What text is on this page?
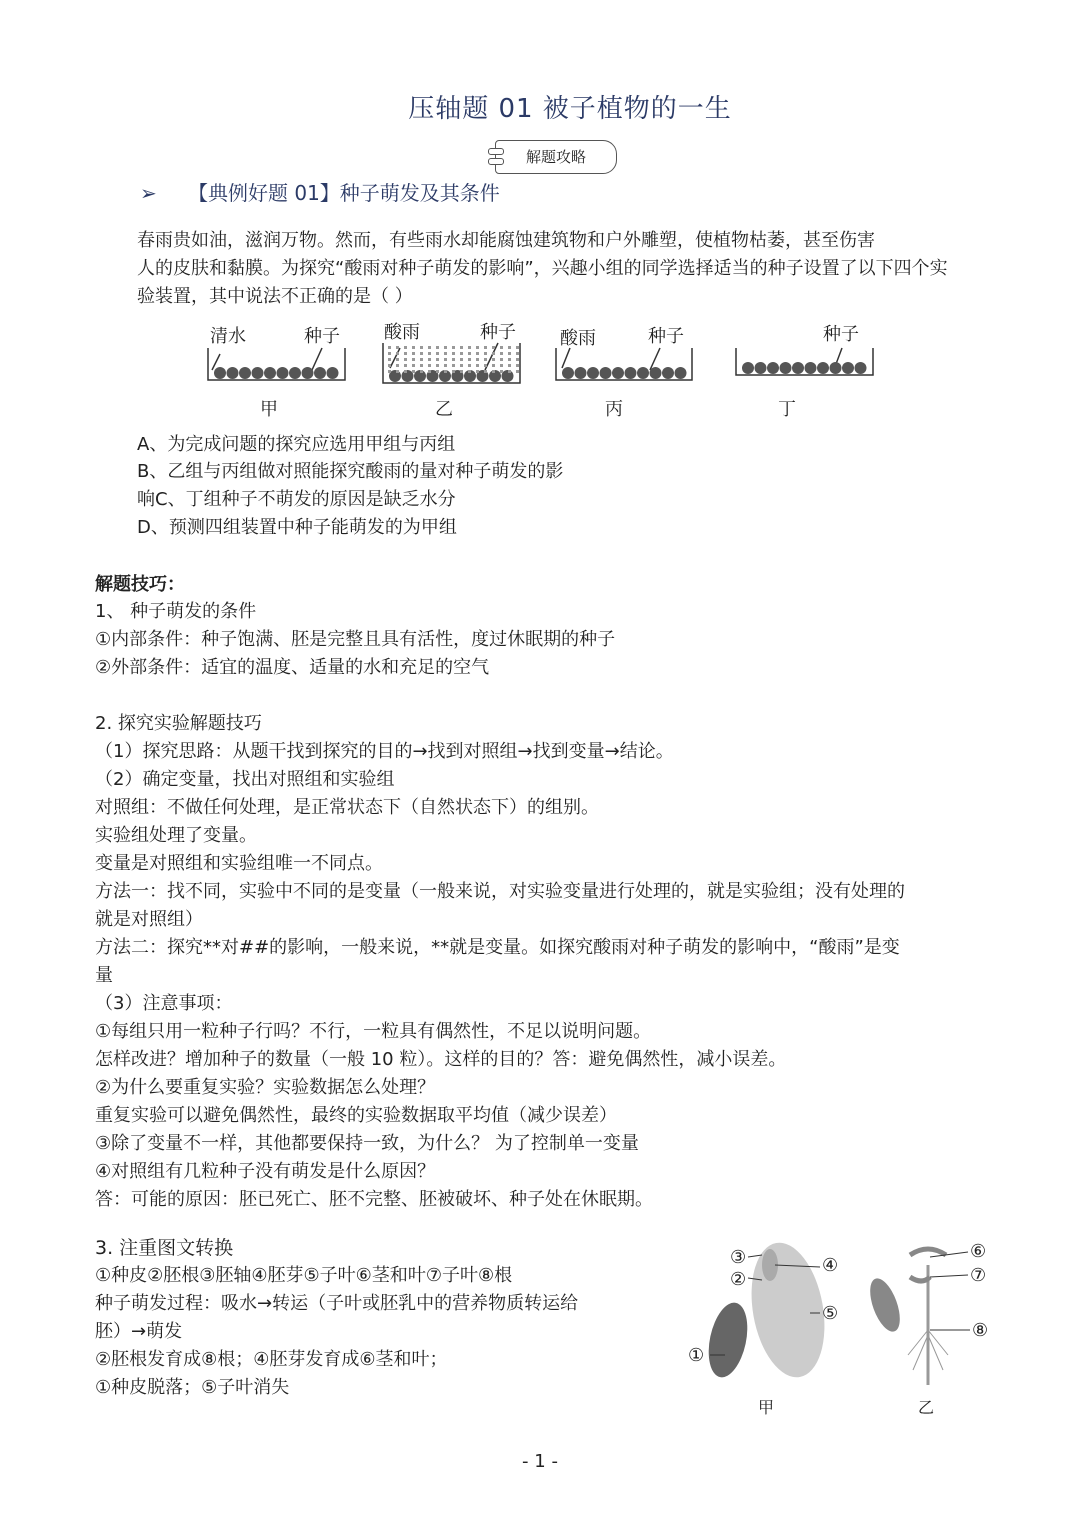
压轴题 01 被子植物的一生
解题攻略
➢ 【典例好题 01】种子萌发及其条件
春雨贵如油，滋润万物。然而，有些雨水却能腐蚀建筑物和户外雕塑，使植物枯萎，甚至伤害
人的皮肤和黏膜。为探究“酸雨对种子萌发的影响”，兴趣小组的同学选择适当的种子设置了以下四个实
验装置，其中说法不正确的是（ ）
清水	种子 酸雨	种子 酸雨	种子	种子
甲	乙	丙	丁
A、为完成问题的探究应选用甲组与丙组
B、乙组与丙组做对照能探究酸雨的量对种子萌发的影
响C、丁组种子不萌发的原因是缺乏水分
D、预测四组装置中种子能萌发的为甲组
解题技巧：
1、 种子萌发的条件
①内部条件：种子饱满、胚是完整且具有活性，度过休眠期的种子
②外部条件：适宜的温度、适量的水和充足的空气
2. 探究实验解题技巧
（1）探究思路：从题干找到探究的目的→找到对照组→找到变量→结论。
（2）确定变量，找出对照组和实验组
对照组：不做任何处理，是正常状态下（自然状态下）的组别。
实验组处理了变量。
变量是对照组和实验组唯一不同点。
方法一：找不同，实验中不同的是变量（一般来说，对实验变量进行处理的，就是实验组；没有处理的
就是对照组）
方法二：探究**对##的影响，一般来说，**就是变量。如探究酸雨对种子萌发的影响中，“酸雨”是变
量
（3）注意事项：
①每组只用一粒种子行吗？不行，一粒具有偶然性，不足以说明问题。
怎样改进？增加种子的数量（一般 10 粒）。这样的目的？答：避免偶然性，减小误差。
②为什么要重复实验？实验数据怎么处理？
重复实验可以避免偶然性，最终的实验数据取平均值（减少误差）
③除了变量不一样，其他都要保持一致，为什么？ 为了控制单一变量
④对照组有几粒种子没有萌发是什么原因？
答：可能的原因：胚已死亡、胚不完整、胚被破坏、种子处在休眠期。
3. 注重图文转换
①种皮②胚根③胚轴④胚芽⑤子叶⑥茎和叶⑦子叶⑧根
种子萌发过程：吸水→转运（子叶或胚乳中的营养物质转运给
胚）→萌发
②胚根发育成⑧根；④胚芽发育成⑥茎和叶；
①种皮脱落；⑤子叶消失
①
②
③	④
⑤
⑥
⑦
⑧
甲	乙
- 1 -
